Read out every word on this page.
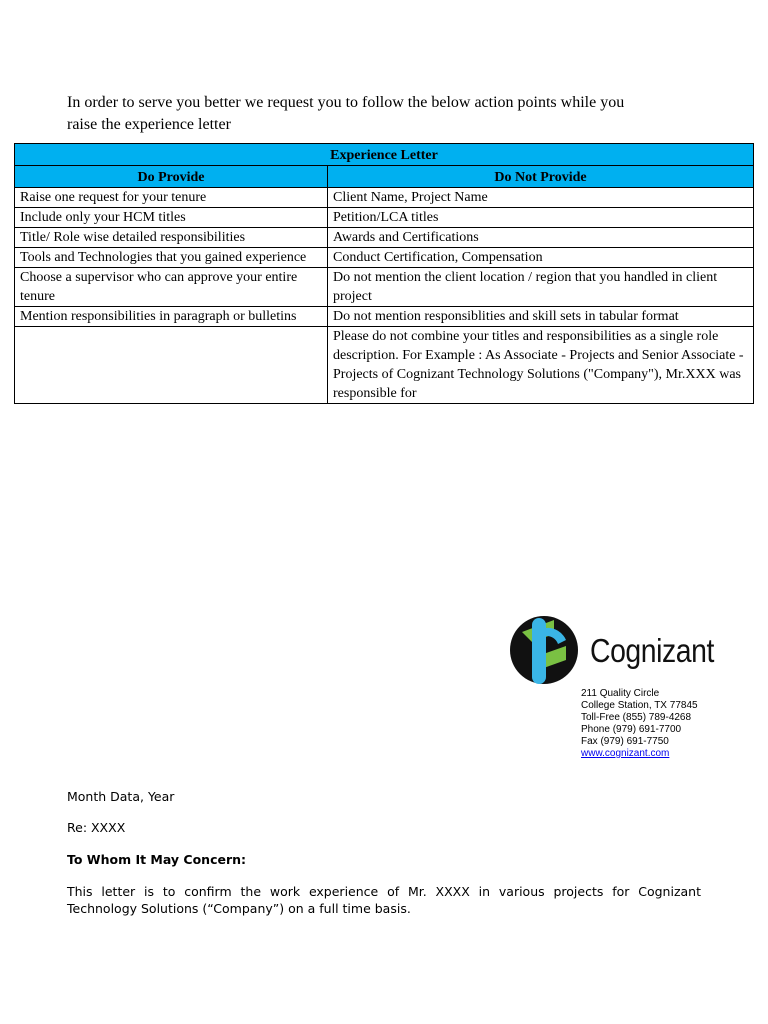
In order to serve you better we request you to follow the below action points while you
raise the experience letter
Experience Letter	
Do Provide	Do Not Provide
Raise one request for your tenure	Client Name, Project Name
Include only your HCM titles	Petition/LCA titles
Title/ Role wise detailed responsibilities	Awards and Certifications
Tools and Technologies that you gained experience	Conduct Certification, Compensation
Choose a supervisor who can approve your entire tenure	Do not mention the client location / region that you handled in client project
Mention responsibilities in paragraph or bulletins	Do not mention responsiblities and skill sets in tabular format
	Please do not combine your titles and responsibilities as a single role description. For Example : As Associate - Projects and Senior Associate - Projects of Cognizant Technology Solutions ("Company"), Mr.XXX was responsible for
Cognizant
211 Quality Circle
College Station, TX 77845
Toll-Free (855) 789-4268
Phone (979) 691-7700
Fax (979) 691-7750
www.cognizant.com
Month Data, Year
Re: XXXX
To Whom It May Concern:
This letter is to confirm the work experience of Mr. XXXX in various projects for Cognizant Technology Solutions (“Company”) on a full time basis.
